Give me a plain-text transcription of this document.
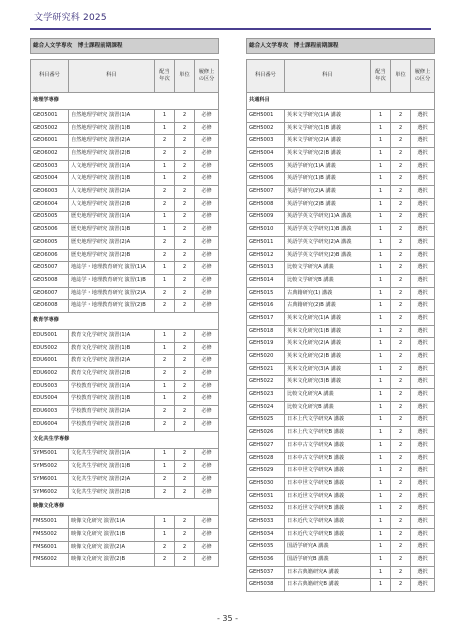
文学研究科 2025
総合人文学専攻　博士課程前期課程				

科目番号	科目	配当年次	単位	履修上の区分
地理学専修				
GEO5001	自然地理学研究 演習(1)A	1	2	必修
GEO5002	自然地理学研究 演習(1)B	1	2	必修
GEO6001	自然地理学研究 演習(2)A	2	2	必修
GEO6002	自然地理学研究 演習(2)B	2	2	必修
GEO5003	人文地理学研究 演習(1)A	1	2	必修
GEO5004	人文地理学研究 演習(1)B	1	2	必修
GEO6003	人文地理学研究 演習(2)A	2	2	必修
GEO6004	人文地理学研究 演習(2)B	2	2	必修
GEO5005	歴史地理学研究 演習(1)A	1	2	必修
GEO5006	歴史地理学研究 演習(1)B	1	2	必修
GEO6005	歴史地理学研究 演習(2)A	2	2	必修
GEO6006	歴史地理学研究 演習(2)B	2	2	必修
GEO5007	地誌学・地理教育研究 演習(1)A	1	2	必修
GEO5008	地誌学・地理教育研究 演習(1)B	1	2	必修
GEO6007	地誌学・地理教育研究 演習(2)A	2	2	必修
GEO6008	地誌学・地理教育研究 演習(2)B	2	2	必修
教育学専修				
EDU5001	教育文化学研究 演習(1)A	1	2	必修
EDU5002	教育文化学研究 演習(1)B	1	2	必修
EDU6001	教育文化学研究 演習(2)A	2	2	必修
EDU6002	教育文化学研究 演習(2)B	2	2	必修
EDU5003	学校教育学研究 演習(1)A	1	2	必修
EDU5004	学校教育学研究 演習(1)B	1	2	必修
EDU6003	学校教育学研究 演習(2)A	2	2	必修
EDU6004	学校教育学研究 演習(2)B	2	2	必修
文化共生学専修				
SYM5001	文化共生学研究 演習(1)A	1	2	必修
SYM5002	文化共生学研究 演習(1)B	1	2	必修
SYM6001	文化共生学研究 演習(2)A	2	2	必修
SYM6002	文化共生学研究 演習(2)B	2	2	必修
映像文化専修				
FMS5001	映像文化研究 演習(1)A	1	2	必修
FMS5002	映像文化研究 演習(1)B	1	2	必修
FMS6001	映像文化研究 演習(2)A	2	2	必修
FMS6002	映像文化研究 演習(2)B	2	2	必修
総合人文学専攻　博士課程前期課程				

科目番号	科目	配当年次	単位	履修上の区分
共通科目				
GEH5001	英米文学研究(1)A 講義	1	2	選択
GEH5002	英米文学研究(1)B 講義	1	2	選択
GEH5003	英米文学研究(2)A 講義	1	2	選択
GEH5004	英米文学研究(2)B 講義	1	2	選択
GEH5005	英語学研究(1)A 講義	1	2	選択
GEH5006	英語学研究(1)B 講義	1	2	選択
GEH5007	英語学研究(2)A 講義	1	2	選択
GEH5008	英語学研究(2)B 講義	1	2	選択
GEH5009	英語学英文学研究(1)A 講義	1	2	選択
GEH5010	英語学英文学研究(1)B 講義	1	2	選択
GEH5011	英語学英文学研究(2)A 講義	1	2	選択
GEH5012	英語学英文学研究(2)B 講義	1	2	選択
GEH5013	比較文学研究A 講義	1	2	選択
GEH5014	比較文学研究B 講義	1	2	選択
GEH5015	古典籍研究(1) 講義	1	2	選択
GEH5016	古典籍研究(2)B 講義	1	2	選択
GEH5017	英米文化研究(1)A 講義	1	2	選択
GEH5018	英米文化研究(1)B 講義	1	2	選択
GEH5019	英米文化研究(2)A 講義	1	2	選択
GEH5020	英米文化研究(2)B 講義	1	2	選択
GEH5021	英米文化研究(3)A 講義	1	2	選択
GEH5022	英米文化研究(3)B 講義	1	2	選択
GEH5023	比較文化研究A 講義	1	2	選択
GEH5024	比較文化研究B 講義	1	2	選択
GEH5025	日本上代文学研究A 講義	1	2	選択
GEH5026	日本上代文学研究B 講義	1	2	選択
GEH5027	日本中古文学研究A 講義	1	2	選択
GEH5028	日本中古文学研究B 講義	1	2	選択
GEH5029	日本中世文学研究A 講義	1	2	選択
GEH5030	日本中世文学研究B 講義	1	2	選択
GEH5031	日本近世文学研究A 講義	1	2	選択
GEH5032	日本近世文学研究B 講義	1	2	選択
GEH5033	日本近代文学研究A 講義	1	2	選択
GEH5034	日本近代文学研究B 講義	1	2	選択
GEH5035	国語学研究A 講義	1	2	選択
GEH5036	国語学研究B 講義	1	2	選択
GEH5037	日本古典籍研究A 講義	1	2	選択
GEH5038	日本古典籍研究B 講義	1	2	選択
- 35 -
